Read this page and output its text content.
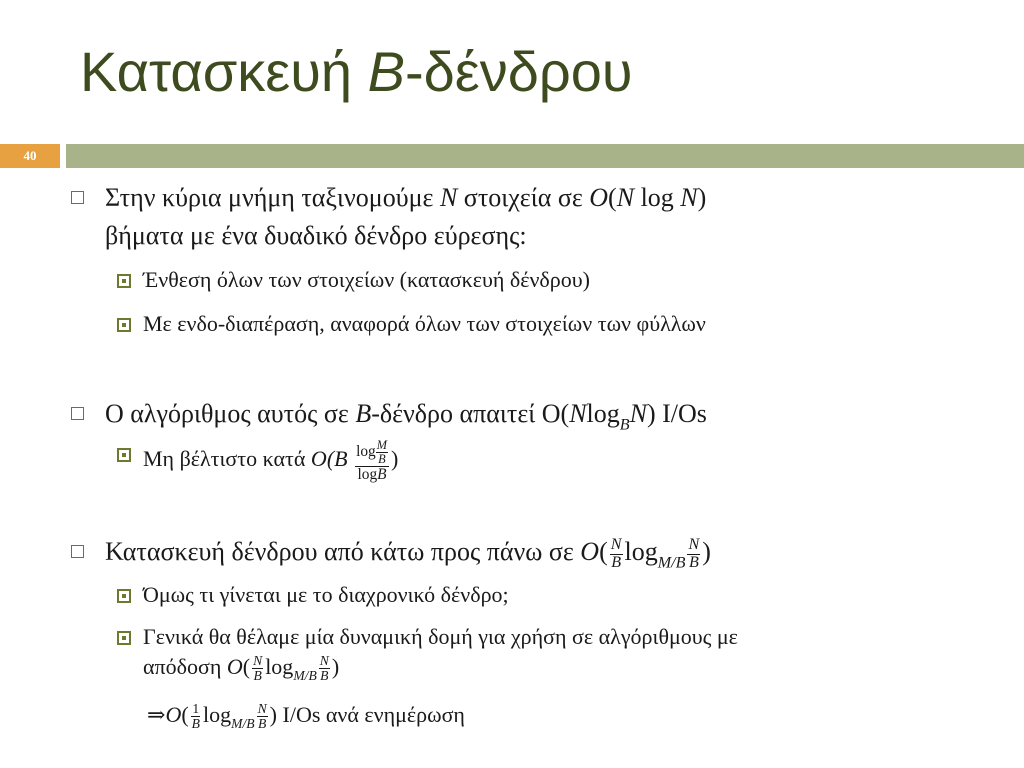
Κατασκευή B-δένδρου
40
Στην κύρια μνήμη ταξινομούμε N στοιχεία σε O(N log N)
βήματα με ένα δυαδικό δένδρο εύρεσης:
Ένθεση όλων των στοιχείων (κατασκευή δένδρου)
Με ενδο-διαπέραση, αναφορά όλων των στοιχείων των φύλλων
Ο αλγόριθμος αυτός σε B-δένδρο απαιτεί Ο(Nlog$_B$N) I/Os
Μη βέλτιστο κατά $O(B \frac{\log \frac{M}{B}}{\log B}$ )
Κατασκευή δένδρου από κάτω προς πάνω σε $O( \frac{N}{B} \log_{M/B} \frac{N}{B}$ )
Όμως τι γίνεται με το διαχρονικό δένδρο;
Γενικά θα θέλαμε μία δυναμική δομή για χρήση σε αλγόριθμους με
απόδοση $O( \frac{N}{B} \log_{M/B} \frac{N}{B}$ )
⇒O( $\frac{1}{B} \log_{M/B} \frac{N}{B}$ ) I/Os ανά ενημέρωση
